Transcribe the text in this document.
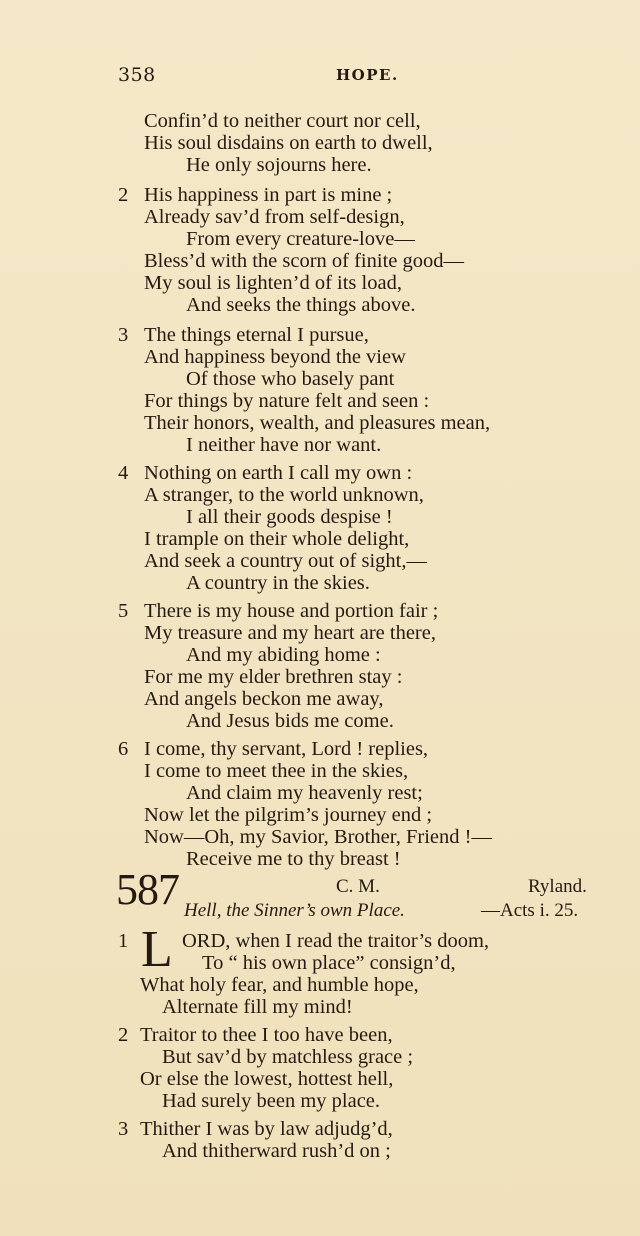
358	HOPE.
Confin’d to neither court nor cell,
His soul disdains on earth to dwell,
He only sojourns here.
2 His happiness in part is mine ;
Already sav’d from self-design,
From every creature-love—
Bless’d with the scorn of finite good—
My soul is lighten’d of its load,
And seeks the things above.
3 The things eternal I pursue,
And happiness beyond the view
Of those who basely pant
For things by nature felt and seen :
Their honors, wealth, and pleasures mean,
I neither have nor want.
4 Nothing on earth I call my own :
A stranger, to the world unknown,
I all their goods despise !
I trample on their whole delight,
And seek a country out of sight,—
A country in the skies.
5 There is my house and portion fair ;
My treasure and my heart are there,
And my abiding home :
For me my elder brethren stay :
And angels beckon me away,
And Jesus bids me come.
6 I come, thy servant, Lord ! replies,
I come to meet thee in the skies,
And claim my heavenly rest;
Now let the pilgrim’s journey end ;
Now—Oh, my Savior, Brother, Friend !—
Receive me to thy breast !
587	C. M.	Ryland.
Hell, the Sinner’s own Place.	—Acts i. 25.
1 L ORD, when I read the traitor’s doom,
To “ his own place” consign’d,
What holy fear, and humble hope,
Alternate fill my mind!
2 Traitor to thee I too have been,
But sav’d by matchless grace ;
Or else the lowest, hottest hell,
Had surely been my place.
3 Thither I was by law adjudg’d,
And thitherward rush’d on ;
